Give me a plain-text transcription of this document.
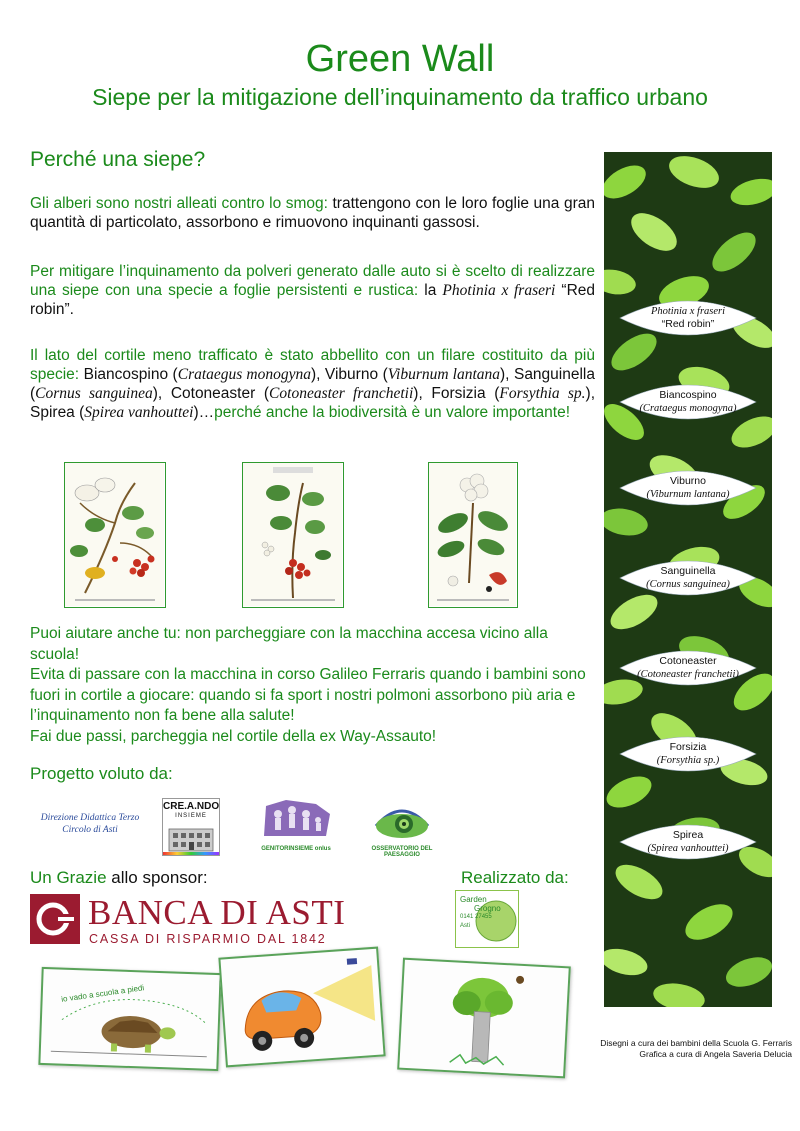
Green Wall
Siepe per la mitigazione dell’inquinamento da traffico urbano
Perché una siepe?
Gli alberi sono nostri alleati contro lo smog: trattengono con le loro foglie una gran quantità di particolato, assorbono e rimuovono inquinanti gassosi.
Per mitigare l’inquinamento da polveri generato dalle auto si è scelto di realizzare una siepe con una specie a foglie persistenti e rustica: la Photinia x fraseri “Red robin”.
Il lato del cortile meno trafficato è stato abbellito con un filare costituito da più specie: Biancospino (Crataegus monogyna), Viburno (Viburnum lantana), Sanguinella (Cornus sanguinea), Cotoneaster (Cotoneaster franchetii), Forsizia (Forsythia sp.), Spirea (Spirea vanhouttei)…perché anche la biodiversità è un valore importante!
Puoi aiutare anche tu: non parcheggiare con la macchina accesa vicino alla scuola!
Evita di passare con la macchina in corso Galileo Ferraris quando i bambini sono fuori in cortile a giocare: quando si fa sport i nostri polmoni assorbono più aria e l’inquinamento non fa bene alla salute!
Fai due passi, parcheggia nel cortile della ex Way-Assauto!
Progetto voluto da:
Direzione Didattica Terzo Circolo di Asti
CRE.A.NDO
INSIEME
GENITORINSIEME onlus	OSSERVATORIO DEL PAESAGGIO
Un Grazie allo sponsor:	Realizzato da:
BANCA DI ASTI
CASSA DI RISPARMIO DAL 1842
Garden
Grogno
0141 27455
Asti
io vado a scuola a piedi
Photinia x fraseri
“Red robin”
Biancospino
(Crataegus monogyna)
Viburno
(Viburnum lantana)
Sanguinella
(Cornus sanguinea)
Cotoneaster
(Cotoneaster franchetii)
Forsizia
(Forsythia sp.)
Spirea
(Spirea vanhouttei)
Disegni a cura dei bambini della Scuola G. Ferraris
Grafica a cura di Angela Saveria Delucia
